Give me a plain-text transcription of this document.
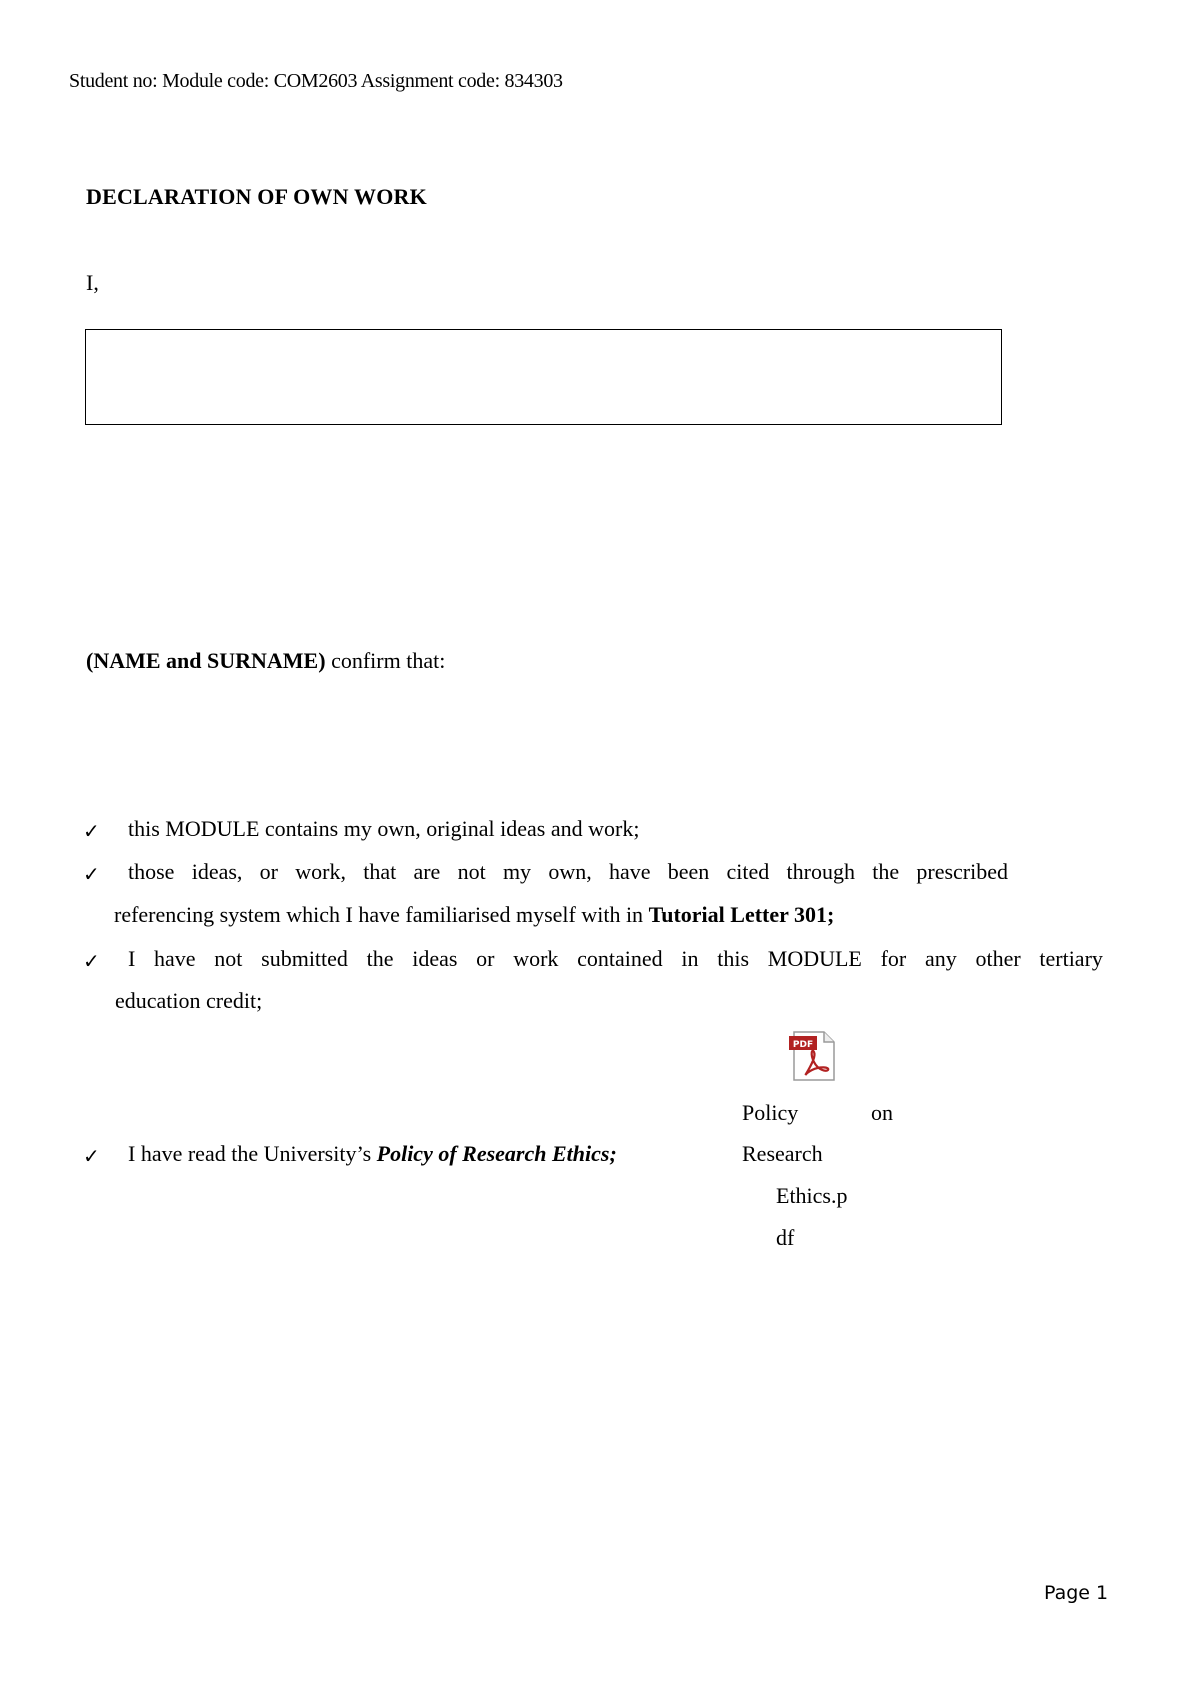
Student no: Module code: COM2603 Assignment code: 834303
DECLARATION OF OWN WORK
I,
(NAME and SURNAME) confirm that:
✓ this MODULE contains my own, original ideas and work;
✓ those ideas, or work, that are not my own, have been cited through the prescribed
referencing system which I have familiarised myself with in Tutorial Letter 301;
✓ I have not submitted the ideas or work contained in this MODULE for any other tertiary
education credit;
PDF
Policy	on
✓ I have read the University’s Policy of Research Ethics;	Research
Ethics.p
df
Page 1
